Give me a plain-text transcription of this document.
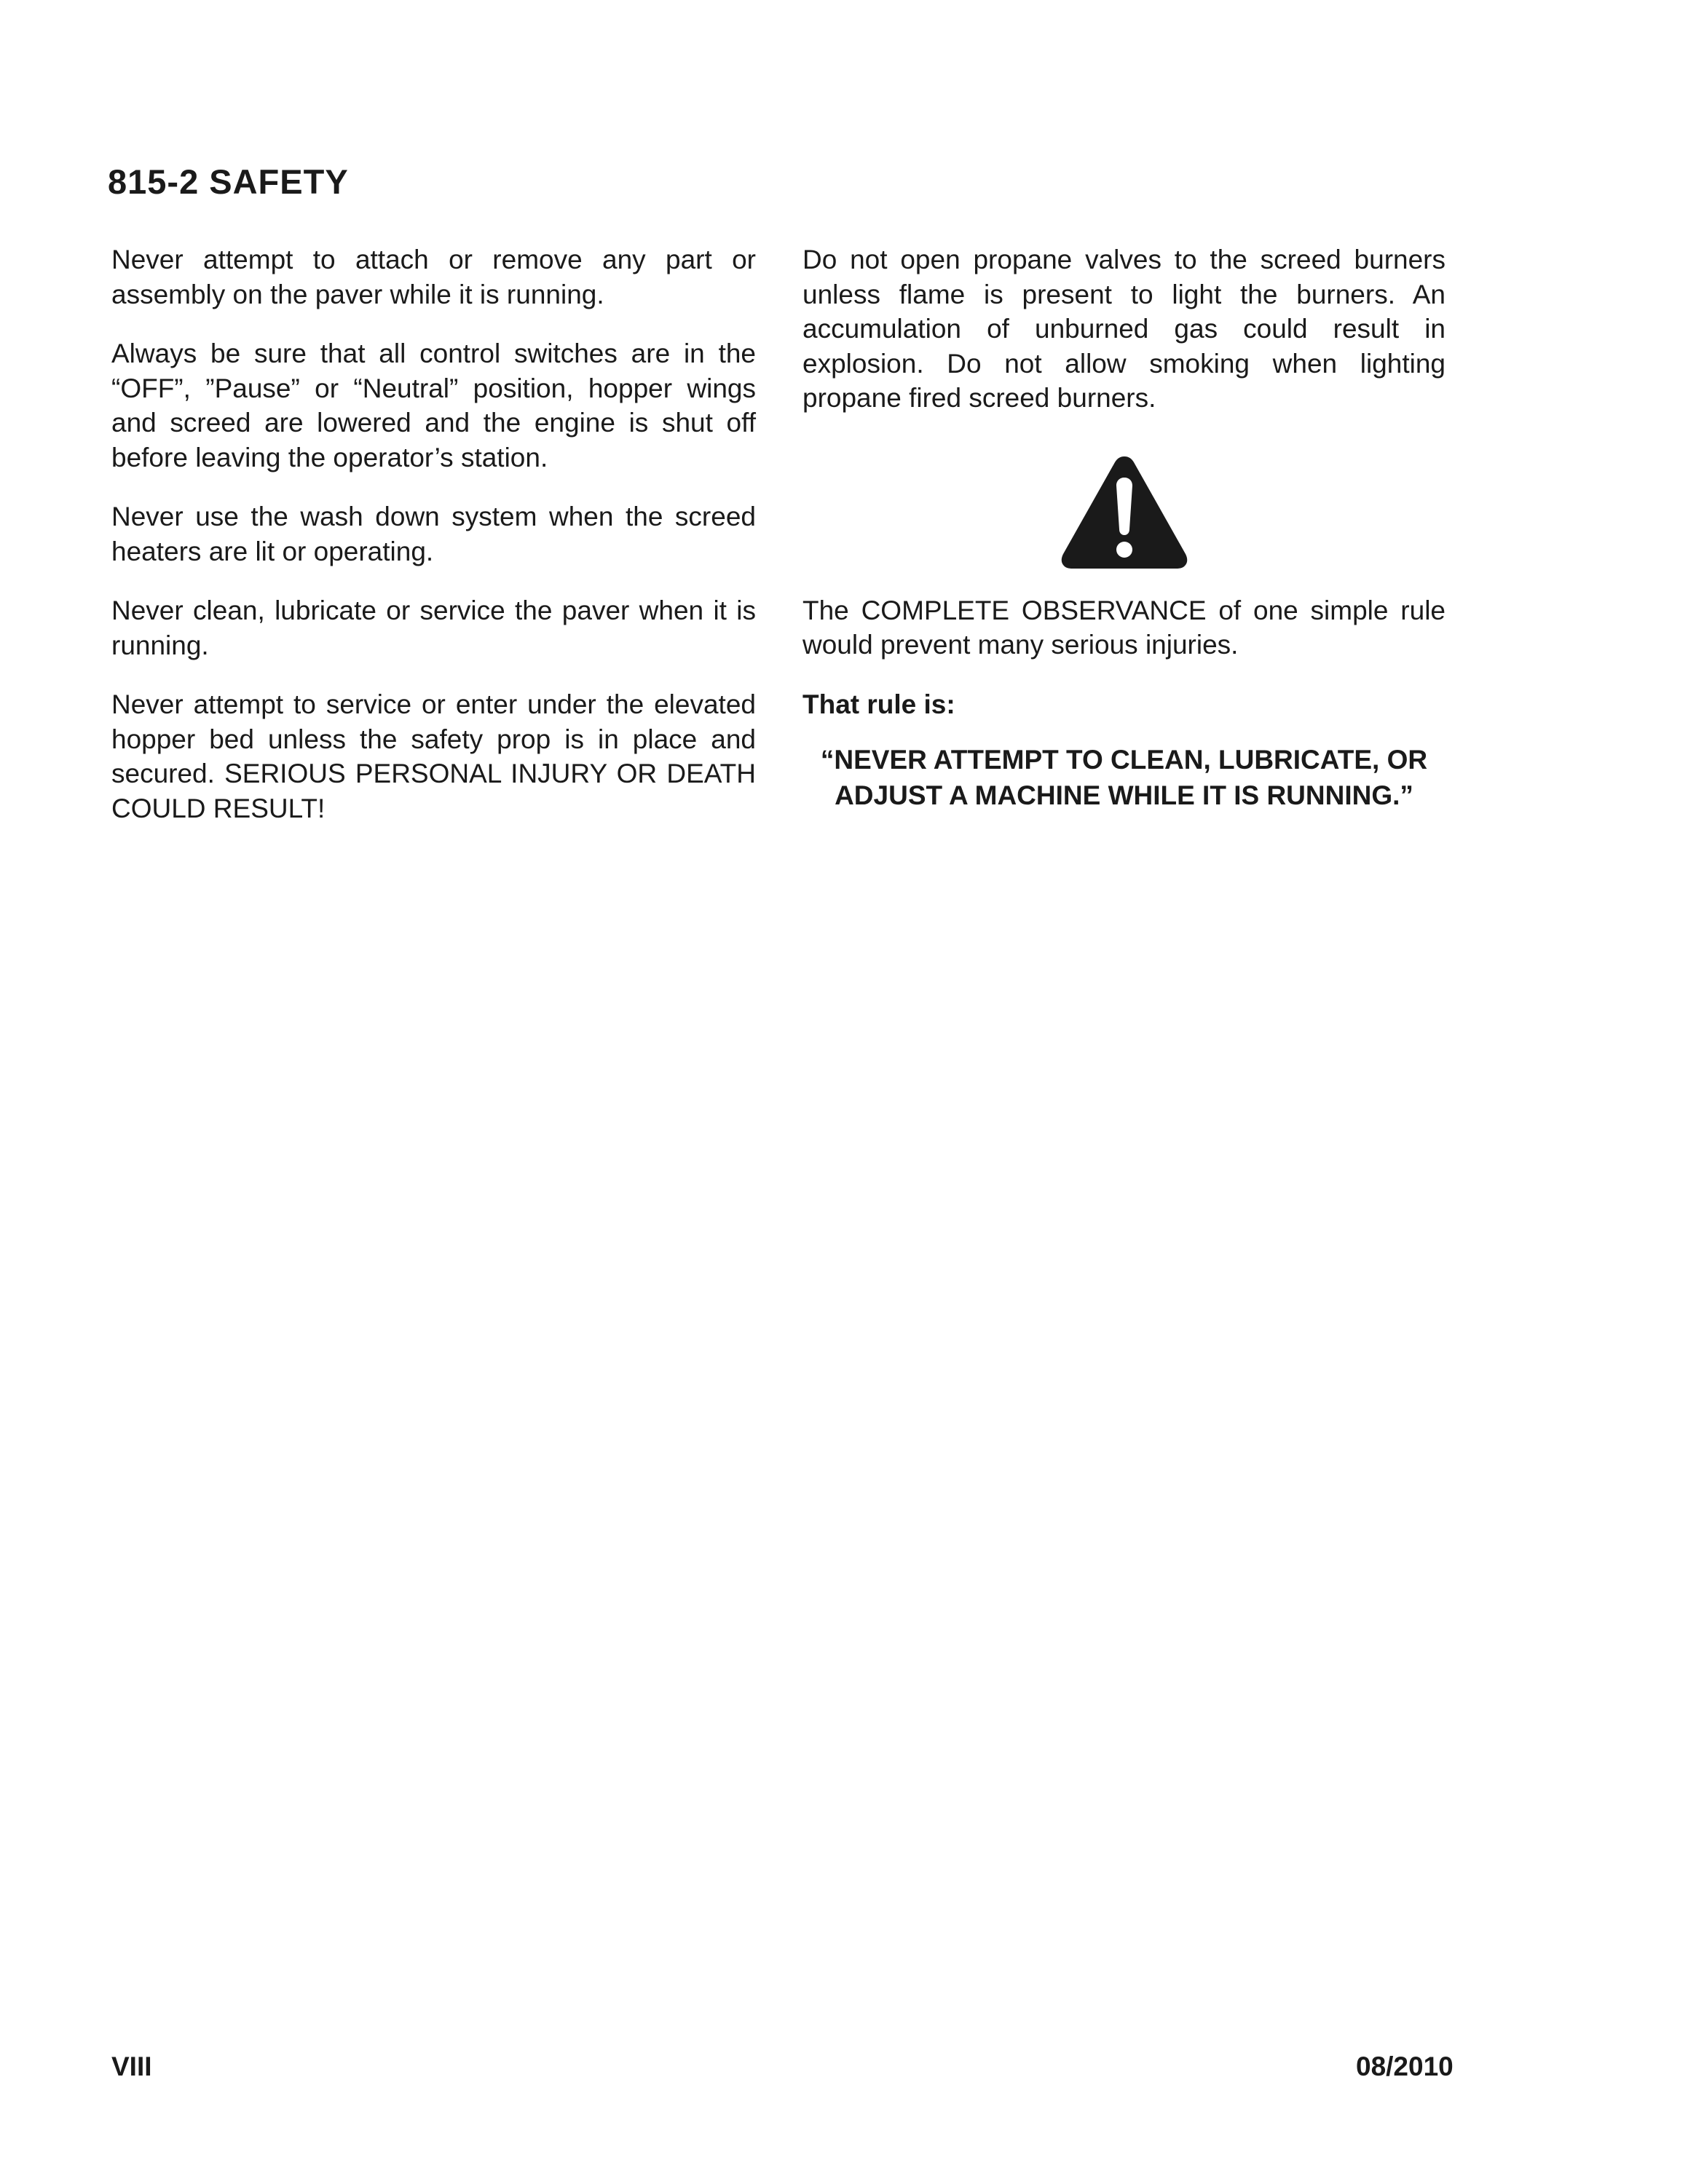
815-2 SAFETY

Never attempt to attach or remove any part or assembly on the paver while it is running.

Always be sure that all control switches are in the “OFF”, ”Pause” or “Neutral” position, hopper wings and screed are lowered and the engine is shut off before leaving the operator’s station.

Never use the wash down system when the screed heaters are lit or operating.

Never clean, lubricate or service the paver when it is running.

Never attempt to service or enter under the elevated hopper bed unless the safety prop is in place and secured. SERIOUS PERSONAL INJURY OR DEATH COULD RESULT!

Do not open propane valves to the screed burners unless flame is present to light the burners. An accumulation of unburned gas could result in explosion. Do not allow smoking when lighting propane fired screed burners.

The COMPLETE OBSERVANCE of one simple rule would prevent many serious injuries.

That rule is:

“NEVER ATTEMPT TO CLEAN, LUBRICATE, OR ADJUST A MACHINE WHILE IT IS RUNNING.”

VIII	08/2010
